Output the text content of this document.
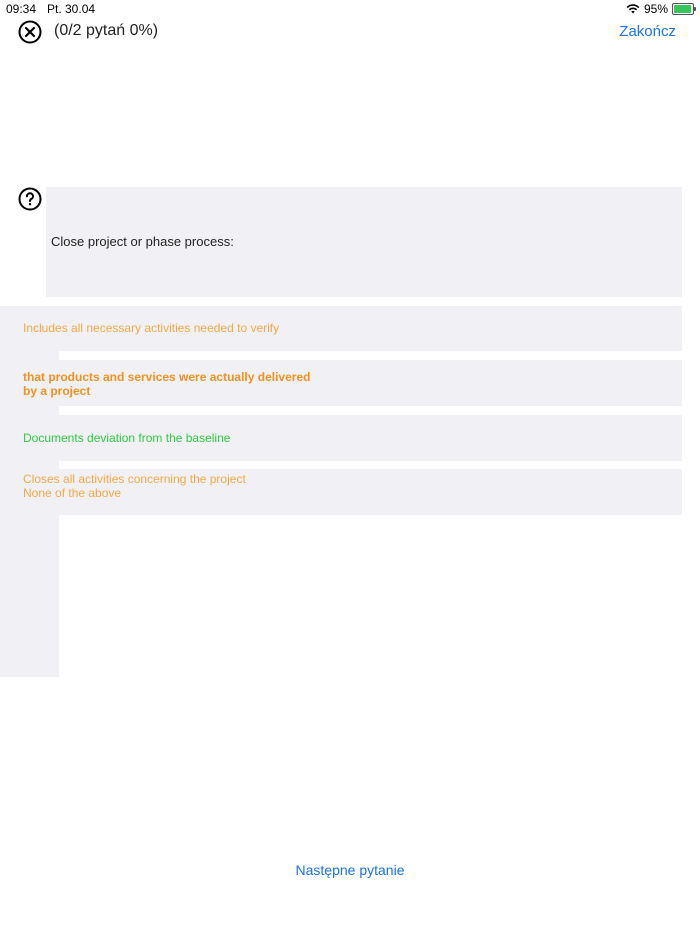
09:34 Pt. 30.04	95%
(0/2 pytań 0%)	Zakończ
Close project or phase process:
Includes all necessary activities needed to verify
that products and services were actually delivered
by a project
Documents deviation from the baseline
Closes all activities concerning the project
None of the above
Następne pytanie
